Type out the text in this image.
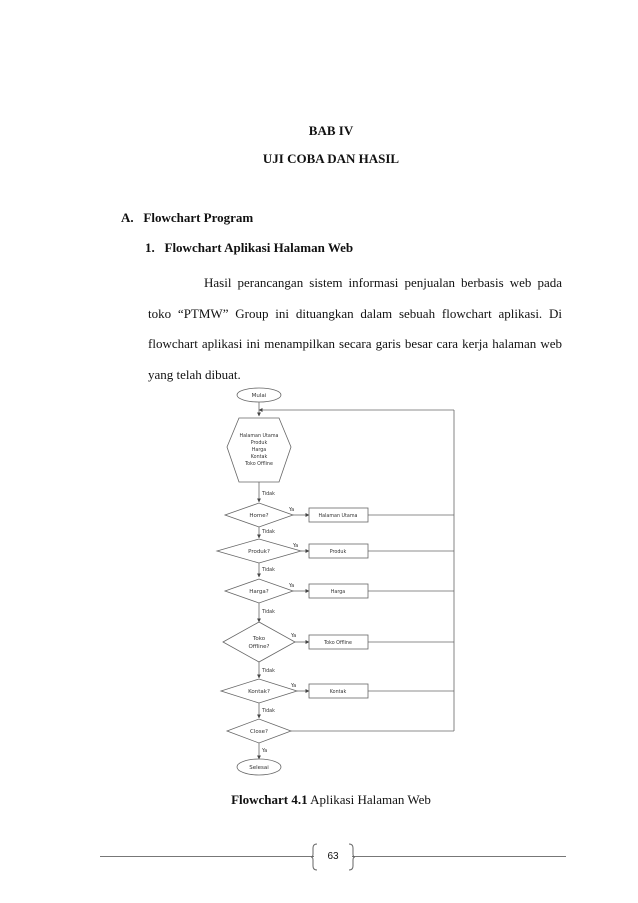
BAB IV
UJI COBA DAN HASIL
A.   Flowchart Program
1.   Flowchart Aplikasi Halaman Web
Hasil perancangan sistem informasi penjualan berbasis web pada toko “PTMW” Group ini dituangkan dalam sebuah flowchart aplikasi. Di flowchart aplikasi ini menampilkan secara garis besar cara kerja halaman web yang telah dibuat.
Mulai
Halaman Utama
Produk
Harga
Kontak
Toko Offline
Tidak
Home?
Ya
Halaman Utama
Tidak
Produk?
Ya
Produk
Tidak
Harga?
Ya
Harga
Tidak
Toko
Offline?
Ya
Toko Offline
Tidak
Kontak?
Ya
Kontak
Tidak
Close?
Ya
Selesai
Flowchart 4.1 Aplikasi Halaman Web
63
